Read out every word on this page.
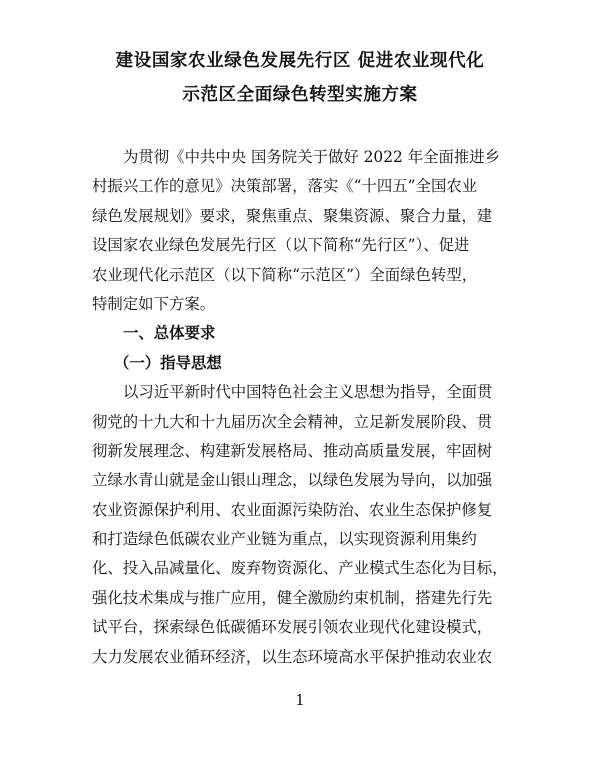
建设国家农业绿色发展先行区 促进农业现代化
示范区全面绿色转型实施方案
为贯彻《中共中央 国务院关于做好 2022 年全面推进乡
村振兴工作的意见》决策部署，落实《“十四五”全国农业
绿色发展规划》要求，聚焦重点、聚集资源、聚合力量，建
设国家农业绿色发展先行区（以下简称“先行区”）、促进
农业现代化示范区（以下简称“示范区”）全面绿色转型，
特制定如下方案。
一、总体要求
（一）指导思想
以习近平新时代中国特色社会主义思想为指导，全面贯
彻党的十九大和十九届历次全会精神，立足新发展阶段、贯
彻新发展理念、构建新发展格局、推动高质量发展，牢固树
立绿水青山就是金山银山理念，以绿色发展为导向，以加强
农业资源保护利用、农业面源污染防治、农业生态保护修复
和打造绿色低碳农业产业链为重点，以实现资源利用集约
化、投入品减量化、废弃物资源化、产业模式生态化为目标，
强化技术集成与推广应用，健全激励约束机制，搭建先行先
试平台，探索绿色低碳循环发展引领农业现代化建设模式，
大力发展农业循环经济，以生态环境高水平保护推动农业农
1
